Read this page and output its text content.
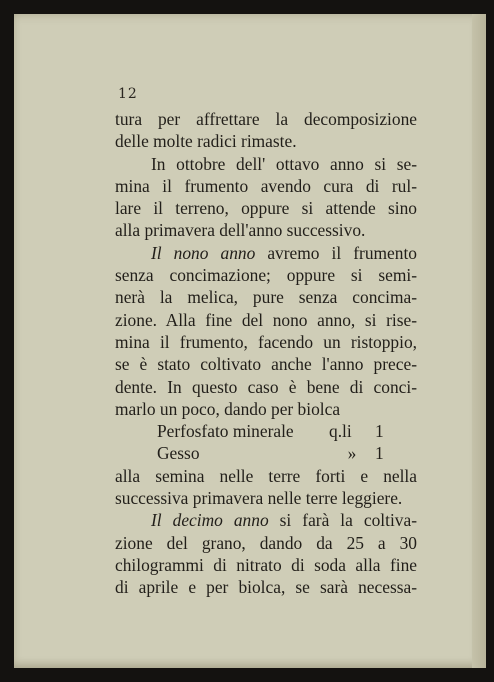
12
tura per affrettare la decomposizione
delle molte radici rimaste.
In ottobre dell' ottavo anno si se-
mina il frumento avendo cura di rul-
lare il terreno, oppure si attende sino
alla primavera dell'anno successivo.
Il nono anno avremo il frumento
senza concimazione; oppure si semi-
nerà la melica, pure senza concima-
zione. Alla fine del nono anno, si rise-
mina il frumento, facendo un ristoppio,
se è stato coltivato anche l'anno prece-
dente. In questo caso è bene di conci-
marlo un poco, dando per biolca
Perfosfato minerale	q.li	1
Gesso	»	1
alla semina nelle terre forti e nella
successiva primavera nelle terre leggiere.
Il decimo anno si farà la coltiva-
zione del grano, dando da 25 a 30
chilogrammi di nitrato di soda alla fine
di aprile e per biolca, se sarà necessa-
